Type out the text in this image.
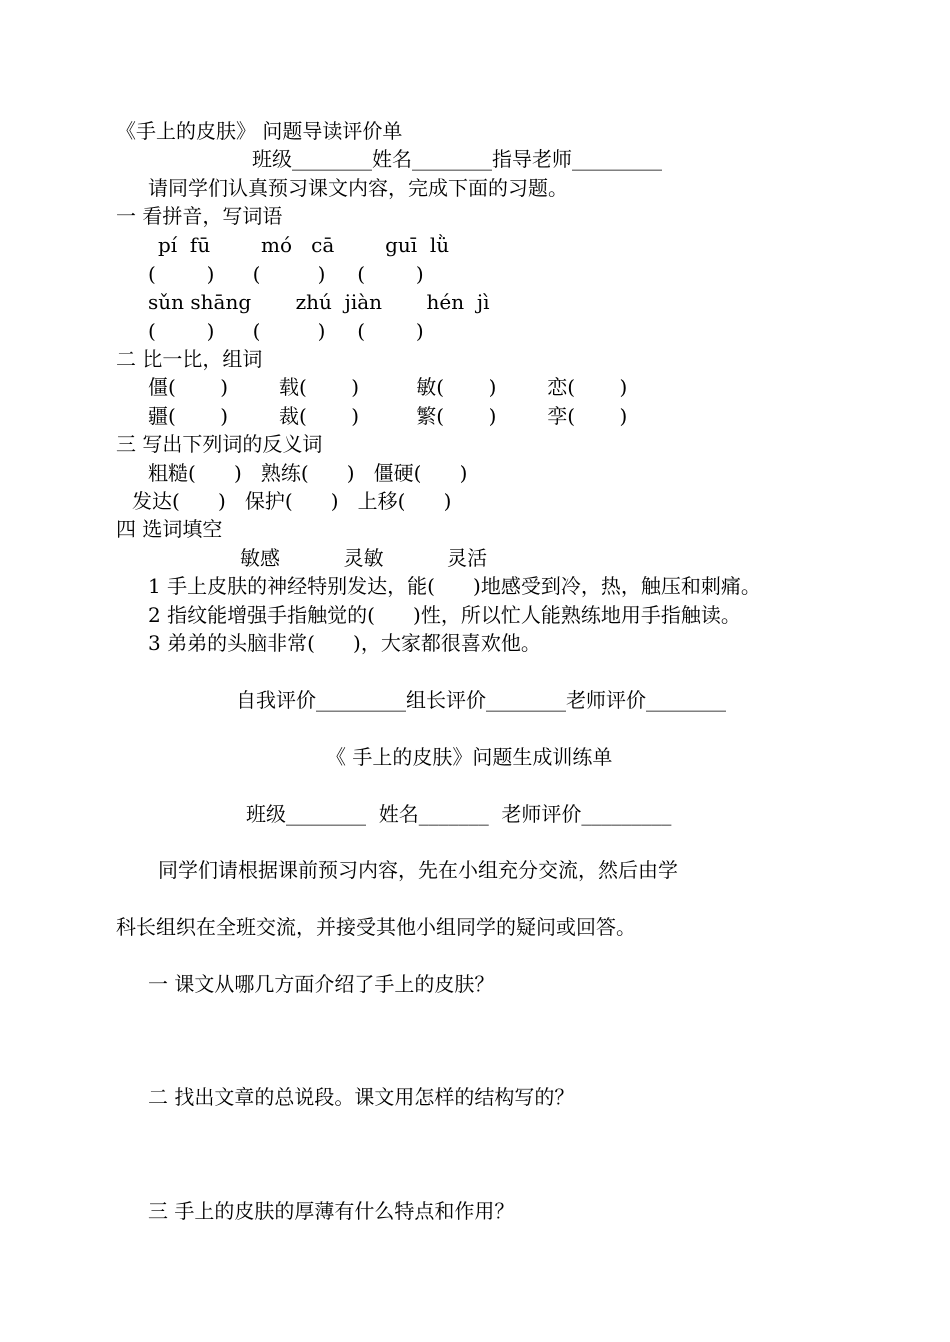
《手上的皮肤》 问题导读评价单
班级________姓名________指导老师_________
请同学们认真预习课文内容，完成下面的习题。
一 看拼音，写词语
pí  fū        mó   cā        guī  lǜ
(        )      (         )     (        )
sǔn shāng       zhú  jiàn       hén  jì
(        )      (         )     (        )
二 比一比，组词
僵(       )        载(       )         敏(       )        恋(       )
疆(       )        裁(       )         繁(       )        孪(       )
三 写出下列词的反义词
粗糙(      )   熟练(      )   僵硬(      )
发达(      )   保护(      )   上移(      )
四 选词填空
敏感          灵敏          灵活
1 手上皮肤的神经特别发达，能(      )地感受到冷，热，触压和刺痛。
2 指纹能增强手指触觉的(      )性，所以忙人能熟练地用手指触读。
3 弟弟的头脑非常(      )，大家都很喜欢他。
自我评价_________组长评价________老师评价________
《 手上的皮肤》问题生成训练单
班级________  姓名_______  老师评价_________
同学们请根据课前预习内容，先在小组充分交流，然后由学
科长组织在全班交流，并接受其他小组同学的疑问或回答。
一 课文从哪几方面介绍了手上的皮肤？
二 找出文章的总说段。课文用怎样的结构写的？
三 手上的皮肤的厚薄有什么特点和作用？
